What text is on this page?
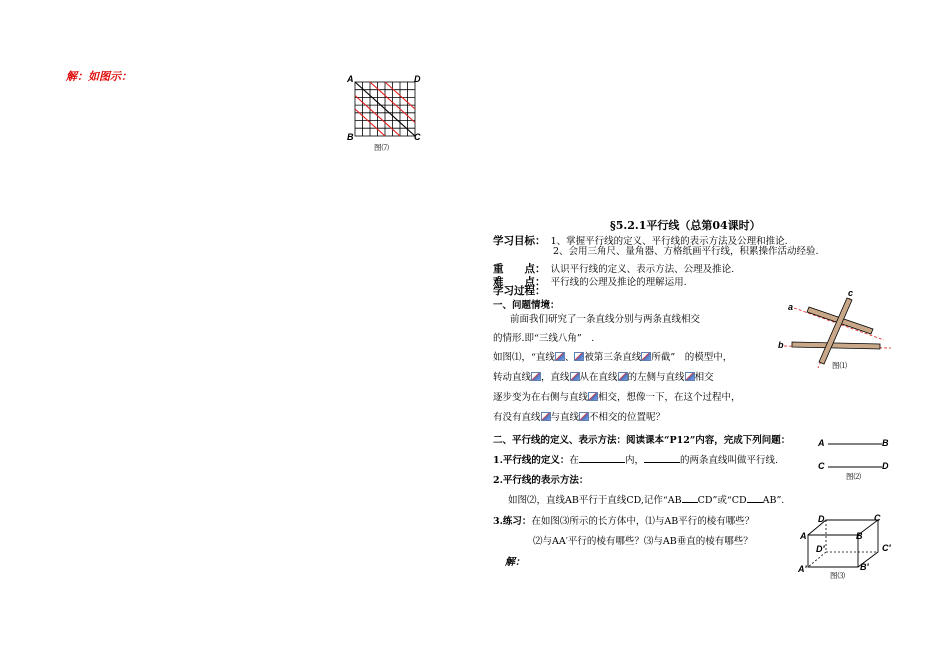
解：如图示：	A	D
B	C
图⑺
§5.2.1平行线（总第04课时）
学习目标： 1、掌握平行线的定义、平行线的表示方法及公理和推论.
2、会用三角尺、量角器、方格纸画平行线，积累操作活动经验.
重　　点： 认识平行线的定义、表示方法、公理及推论.
难　　点： 平行线的公理及推论的理解运用.
学习过程：
一、问题情境：
前面我们研究了一条直线分别与两条直线相交
的情形.即“三线八角”　.
如图⑴，“直线 、 被第三条直线 所截”　的模型中，
转动直线 ，直线 从在直线 的左侧与直线 相交
逐步变为在右侧与直线 相交，想像一下，在这个过程中，
有没有直线 与直线 不相交的位置呢？
a
b
c
图⑴
二、平行线的定义、表示方法：阅读课本“P12”内容，完成下列问题：
1.平行线的定义：在	内，	的两条直线叫做平行线.
2.平行线的表示方法：
如图⑵，直线AB平行于直线CD,记作“AB CD”或“CD AB”.
3.练习：在如图⑶所示的长方体中，⑴与AB平行的棱有哪些？
⑵与AA′平行的棱有哪些？⑶与AB垂直的棱有哪些？
解：
A	B
C	D
图⑵
D	C
A	B
D′	C′
A′	B′
图⑶
